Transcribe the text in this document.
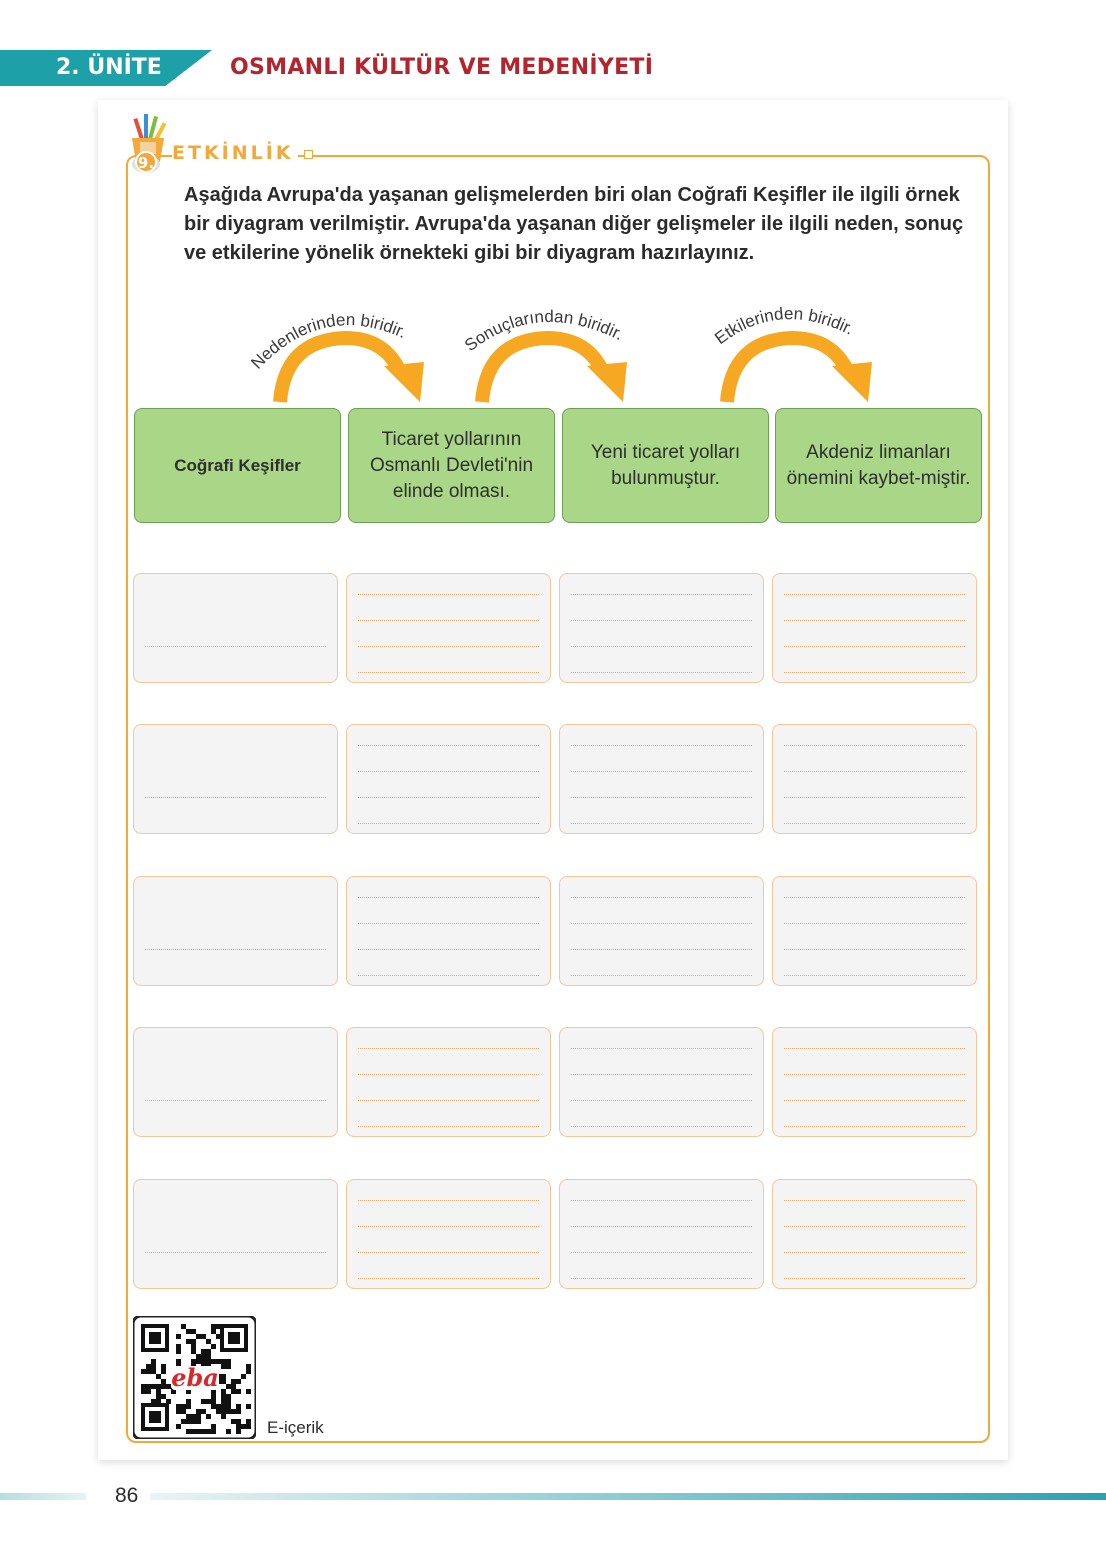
2. ÜNİTE	OSMANLI KÜLTÜR VE MEDENİYETİ
9. ETKİNLİK
Aşağıda Avrupa'da yaşanan gelişmelerden biri olan Coğrafi Keşifler ile ilgili örnek bir diyagram verilmiştir. Avrupa'da yaşanan diğer gelişmeler ile ilgili neden, sonuç ve etkilerine yönelik örnekteki gibi bir diyagram hazırlayınız.
Nedenlerinden biridir.
Sonuçlarından biridir.	Etkilerinden biridir.
Coğrafi Keşifler
Ticaret yollarının Osmanlı Devleti'nin elinde olması.
Yeni ticaret yolları bulunmuştur.
Akdeniz limanları önemini kaybet-miştir.
eba
E-içerik
86
